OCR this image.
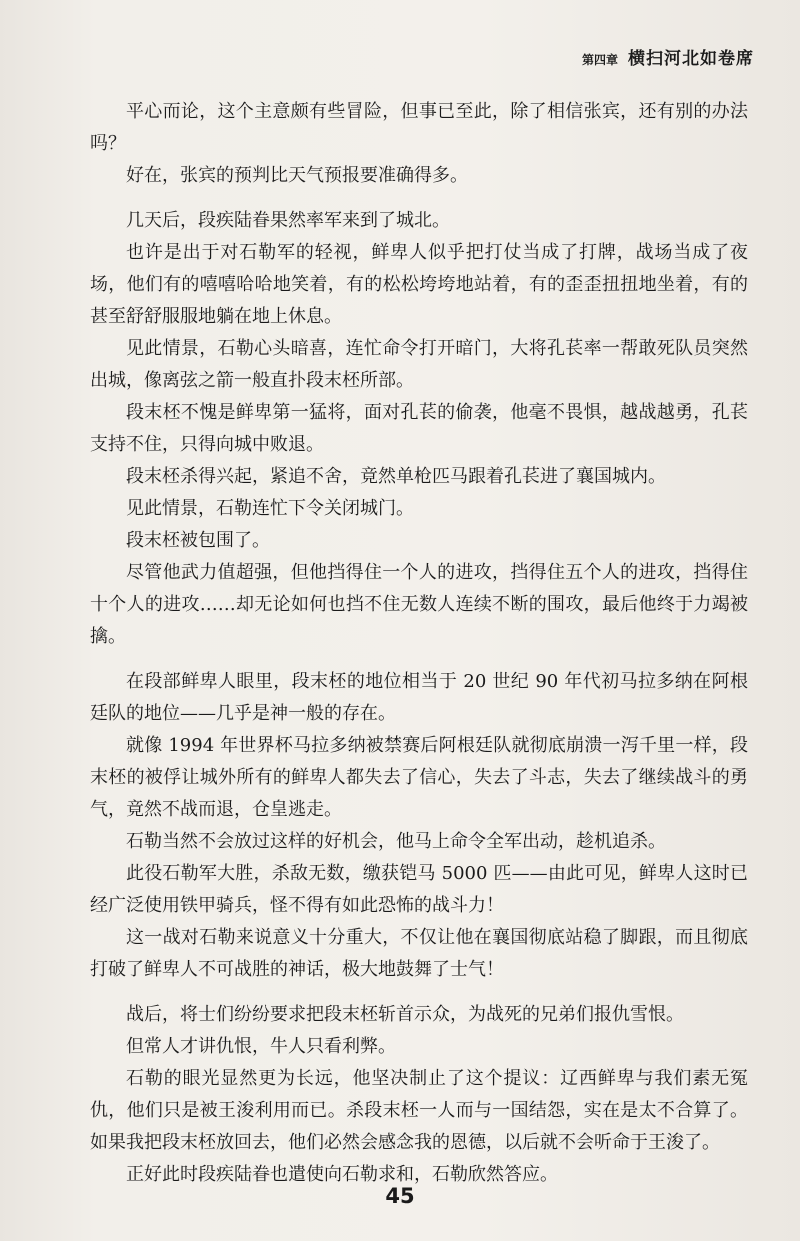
第四章 横扫河北如卷席

平心而论，这个主意颇有些冒险，但事已至此，除了相信张宾，还有别的办法吗？

好在，张宾的预判比天气预报要准确得多。

几天后，段疾陆眷果然率军来到了城北。

也许是出于对石勒军的轻视，鲜卑人似乎把打仗当成了打牌，战场当成了夜场，他们有的嘻嘻哈哈地笑着，有的松松垮垮地站着，有的歪歪扭扭地坐着，有的甚至舒舒服服地躺在地上休息。

见此情景，石勒心头暗喜，连忙命令打开暗门，大将孔苌率一帮敢死队员突然出城，像离弦之箭一般直扑段末柸所部。

段末柸不愧是鲜卑第一猛将，面对孔苌的偷袭，他毫不畏惧，越战越勇，孔苌支持不住，只得向城中败退。

段末柸杀得兴起，紧追不舍，竟然单枪匹马跟着孔苌进了襄国城内。

见此情景，石勒连忙下令关闭城门。

段末柸被包围了。

尽管他武力值超强，但他挡得住一个人的进攻，挡得住五个人的进攻，挡得住十个人的进攻……却无论如何也挡不住无数人连续不断的围攻，最后他终于力竭被擒。

在段部鲜卑人眼里，段末柸的地位相当于 20 世纪 90 年代初马拉多纳在阿根廷队的地位——几乎是神一般的存在。

就像 1994 年世界杯马拉多纳被禁赛后阿根廷队就彻底崩溃一泻千里一样，段末柸的被俘让城外所有的鲜卑人都失去了信心，失去了斗志，失去了继续战斗的勇气，竟然不战而退，仓皇逃走。

石勒当然不会放过这样的好机会，他马上命令全军出动，趁机追杀。

此役石勒军大胜，杀敌无数，缴获铠马 5000 匹——由此可见，鲜卑人这时已经广泛使用铁甲骑兵，怪不得有如此恐怖的战斗力！

这一战对石勒来说意义十分重大，不仅让他在襄国彻底站稳了脚跟，而且彻底打破了鲜卑人不可战胜的神话，极大地鼓舞了士气！

战后，将士们纷纷要求把段末柸斩首示众，为战死的兄弟们报仇雪恨。

但常人才讲仇恨，牛人只看利弊。

石勒的眼光显然更为长远，他坚决制止了这个提议：辽西鲜卑与我们素无冤仇，他们只是被王浚利用而已。杀段末柸一人而与一国结怨，实在是太不合算了。如果我把段末柸放回去，他们必然会感念我的恩德，以后就不会听命于王浚了。

正好此时段疾陆眷也遣使向石勒求和，石勒欣然答应。

45
